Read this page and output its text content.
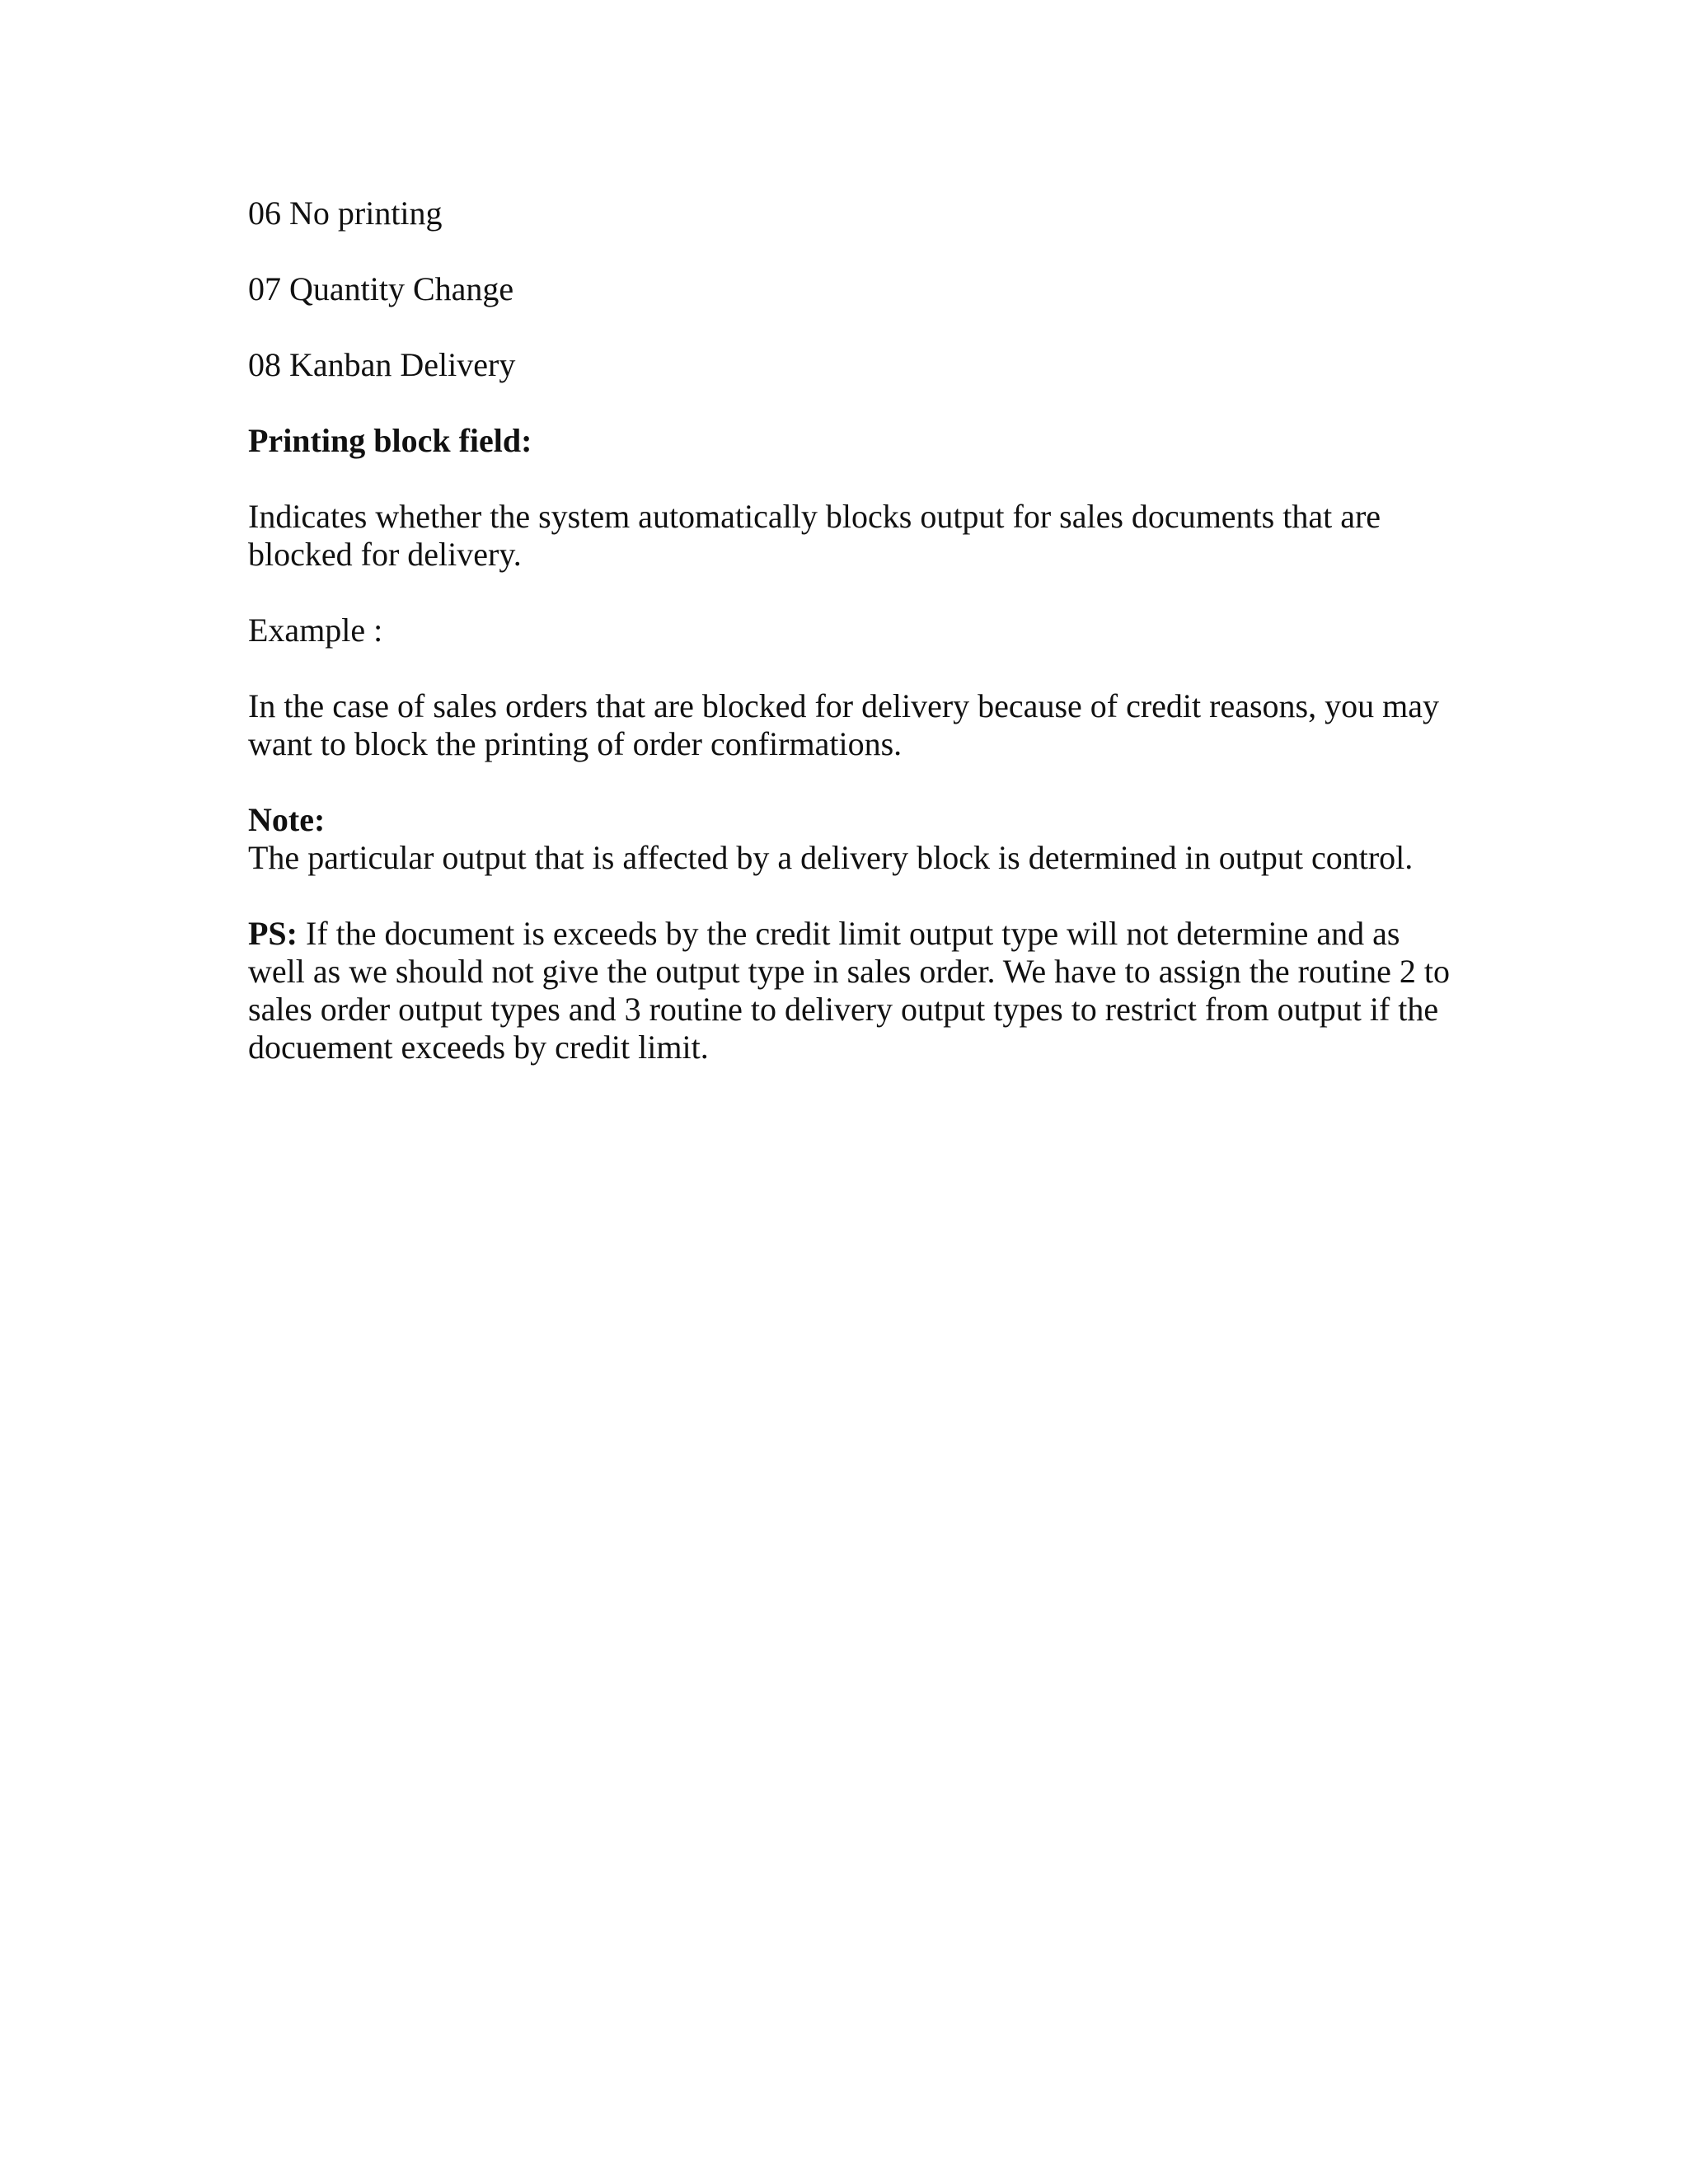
06 No printing

07 Quantity Change

08 Kanban Delivery

Printing block field:

Indicates whether the system automatically blocks output for sales documents that are blocked for delivery.

Example :

In the case of sales orders that are blocked for delivery because of credit reasons, you may want to block the printing of order confirmations.

Note:

The particular output that is affected by a delivery block is determined in output control.

PS: If the document is exceeds by the credit limit output type will not determine and as well as we should not give the output type in sales order. We have to assign the routine 2 to sales order output types and 3 routine to delivery output types to restrict from output if the docuement exceeds by credit limit.
